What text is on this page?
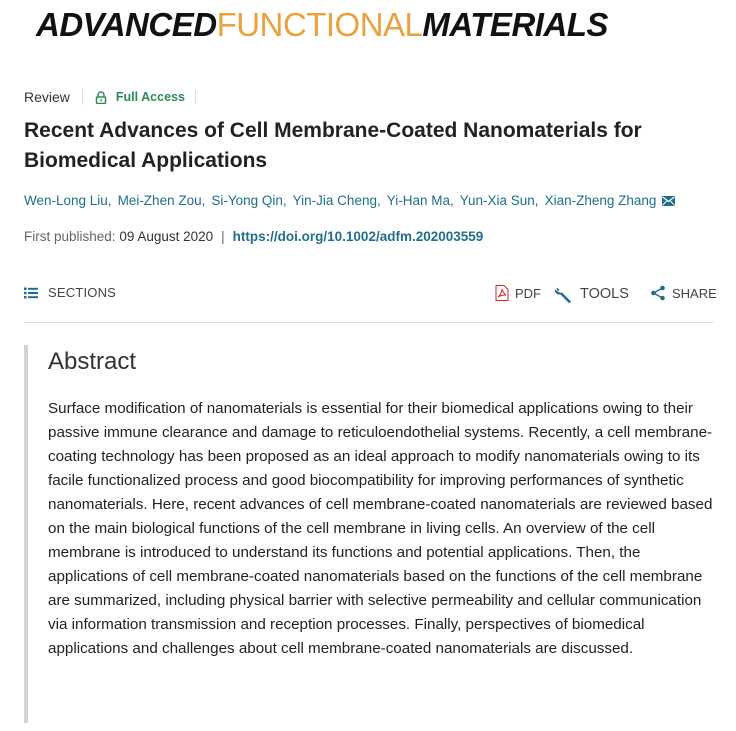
ADVANCEDFUNCTIONALMATERIALS
Review	Full Access
Recent Advances of Cell Membrane-Coated Nanomaterials for Biomedical Applications
Wen-Long Liu, Mei-Zhen Zou, Si-Yong Qin, Yin-Jia Cheng, Yi-Han Ma, Yun-Xia Sun, Xian-Zheng Zhang
First published: 09 August 2020 | https://doi.org/10.1002/adfm.202003559
SECTIONS	PDF	TOOLS	SHARE
Abstract

Surface modification of nanomaterials is essential for their biomedical applications owing to their passive immune clearance and damage to reticuloendothelial systems. Recently, a cell membrane-coating technology has been proposed as an ideal approach to modify nanomaterials owing to its facile functionalized process and good biocompatibility for improving performances of synthetic nanomaterials. Here, recent advances of cell membrane-coated nanomaterials are reviewed based on the main biological functions of the cell membrane in living cells. An overview of the cell membrane is introduced to understand its functions and potential applications. Then, the applications of cell membrane-coated nanomaterials based on the functions of the cell membrane are summarized, including physical barrier with selective permeability and cellular communication via information transmission and reception processes. Finally, perspectives of biomedical applications and challenges about cell membrane-coated nanomaterials are discussed.
